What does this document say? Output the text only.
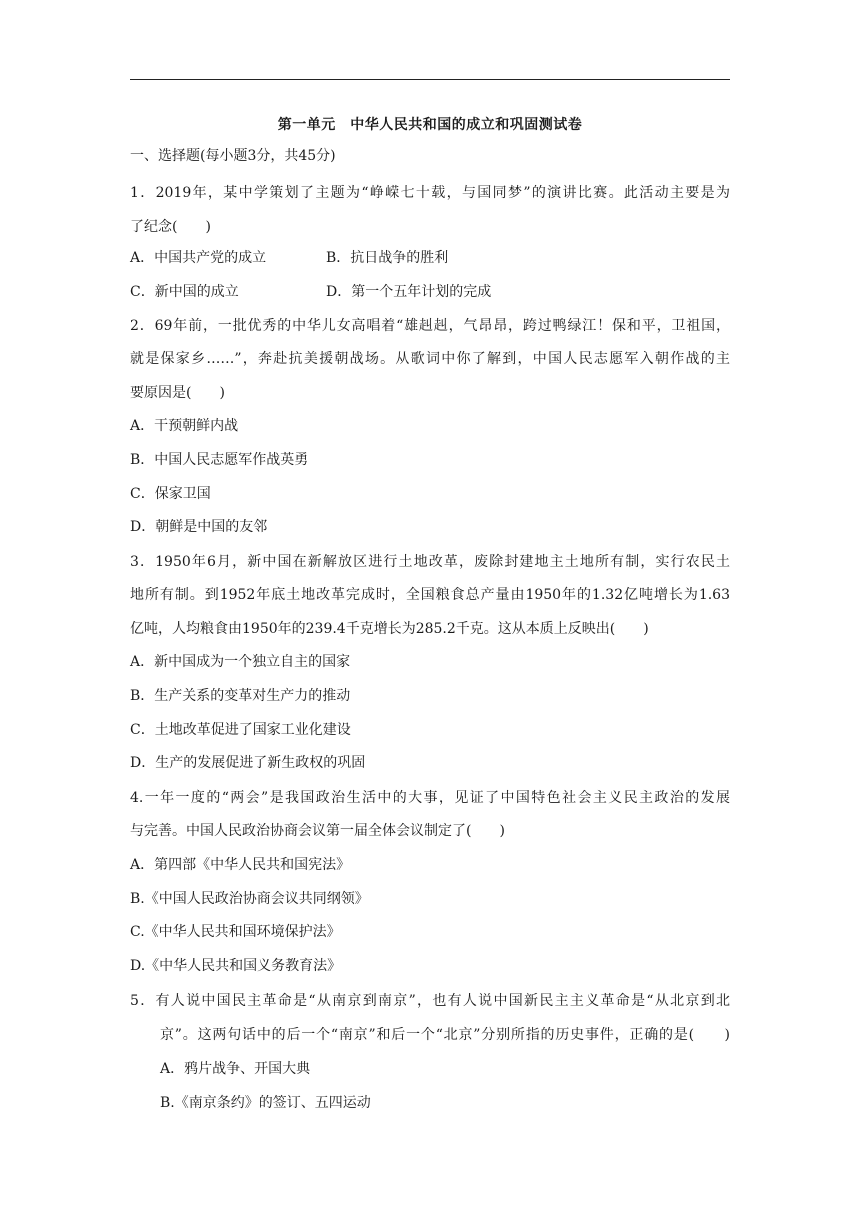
第一单元　中华人民共和国的成立和巩固测试卷
一、选择题(每小题3分，共45分)
1．2019年，某中学策划了主题为“峥嵘七十载，与国同梦”的演讲比赛。此活动主要是为
了纪念(　　)
A．中国共产党的成立	B．抗日战争的胜利
C．新中国的成立	D．第一个五年计划的完成
2．69年前，一批优秀的中华儿女高唱着“雄赳赳，气昂昂，跨过鸭绿江！保和平，卫祖国，
就是保家乡……”，奔赴抗美援朝战场。从歌词中你了解到，中国人民志愿军入朝作战的主
要原因是(　　)
A．干预朝鲜内战
B．中国人民志愿军作战英勇
C．保家卫国
D．朝鲜是中国的友邻
3．1950年6月，新中国在新解放区进行土地改革，废除封建地主土地所有制，实行农民土
地所有制。到1952年底土地改革完成时，全国粮食总产量由1950年的1.32亿吨增长为1.63
亿吨，人均粮食由1950年的239.4千克增长为285.2千克。这从本质上反映出(　　)
A．新中国成为一个独立自主的国家
B．生产关系的变革对生产力的推动
C．土地改革促进了国家工业化建设
D．生产的发展促进了新生政权的巩固
4.一年一度的“两会”是我国政治生活中的大事，见证了中国特色社会主义民主政治的发展
与完善。中国人民政治协商会议第一届全体会议制定了(　　)
A．第四部《中华人民共和国宪法》
B.《中国人民政治协商会议共同纲领》
C.《中华人民共和国环境保护法》
D.《中华人民共和国义务教育法》
5．有人说中国民主革命是“从南京到南京”，也有人说中国新民主主义革命是“从北京到北
京”。这两句话中的后一个“南京”和后一个“北京”分别所指的历史事件，正确的是(　　)
A．鸦片战争、开国大典
B.《南京条约》的签订、五四运动
